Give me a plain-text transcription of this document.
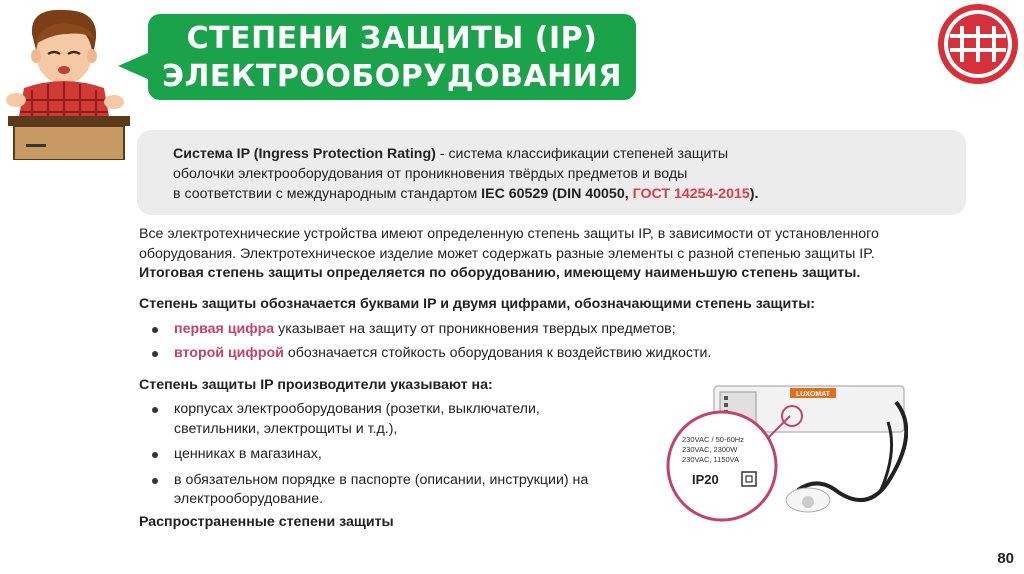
СТЕПЕНИ ЗАЩИТЫ (IP)
ЭЛЕКТРООБОРУДОВАНИЯ
Система IP (Ingress Protection Rating) - система классификации степеней защиты
оболочки электрооборудования от проникновения твёрдых предметов и воды
в соответствии с международным стандартом IEC 60529 (DIN 40050, ГОСТ 14254-2015).
Все электротехнические устройства имеют определенную степень защиты IP, в зависимости от установленного
оборудования. Электротехническое изделие может содержать разные элементы с разной степенью защиты IP.
Итоговая степень защиты определяется по оборудованию, имеющему наименьшую степень защиты.
Степень защиты обозначается буквами IP и двумя цифрами, обозначающими степень защиты:
первая цифра указывает на защиту от проникновения твердых предметов;
второй цифрой обозначается стойкость оборудования к воздействию жидкости.
Степень защиты IP производители указывают на:
корпусах электрооборудования (розетки, выключатели, светильники, электрощиты и т.д.),
ценниках в магазинах,
в обязательном порядке в паспорте (описании, инструкции) на электрооборудование.
LUXOMAT
230VAC / 50-60Hz
230VAC, 2300W
230VAC, 1150VA
IP20
Распространенные степени защиты
80
